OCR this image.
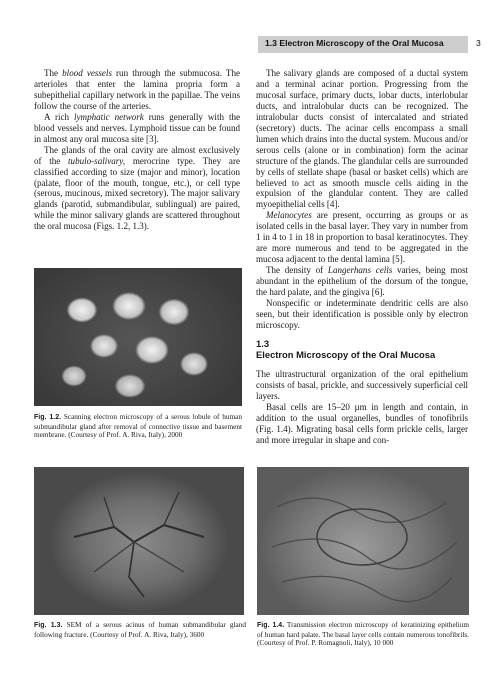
1.3 Electron Microscopy of the Oral Mucosa	3

The blood vessels run through the submucosa. The arterioles that enter the lamina propria form a subepithelial capillary network in the papillae. The veins follow the course of the arteries.

A rich lymphatic network runs generally with the blood vessels and nerves. Lymphoid tissue can be found in almost any oral mucosa site [3].

The glands of the oral cavity are almost exclusively of the tubulo-salivary, merocrine type. They are classified according to size (major and minor), location (palate, floor of the mouth, tongue, etc.), or cell type (serous, mucinous, mixed secretory). The major salivary glands (parotid, submandibular, sublingual) are paired, while the minor salivary glands are scattered throughout the oral mucosa (Figs. 1.2, 1.3).

The salivary glands are composed of a ductal system and a terminal acinar portion. Progressing from the mucosal surface, primary ducts, lobar ducts, interlobular ducts, and intralobular ducts can be recognized. The intralobular ducts consist of intercalated and striated (secretory) ducts. The acinar cells encompass a small lumen which drains into the ductal system. Mucous and/or serous cells (alone or in combination) form the acinar structure of the glands. The glandular cells are surrounded by cells of stellate shape (basal or basket cells) which are believed to act as smooth muscle cells aiding in the expulsion of the glandular content. They are called myoepithelial cells [4].

Melanocytes are present, occurring as groups or as isolated cells in the basal layer. They vary in number from 1 in 4 to 1 in 18 in proportion to basal keratinocytes. They are more numerous and tend to be aggregated in the mucosa adjacent to the dental lamina [5].

The density of Langerhans cells varies, being most abundant in the epithelium of the dorsum of the tongue, the hard palate, and the gingiva [6].

Nonspecific or indeterminate dendritic cells are also seen, but their identification is possible only by electron microscopy.

1.3
Electron Microscopy of the Oral Mucosa

The ultrastructural organization of the oral epithelium consists of basal, prickle, and successively superficial cell layers.

Basal cells are 15–20 µm in length and contain, in addition to the usual organelles, bundles of tonofibrils (Fig. 1.4). Migrating basal cells form prickle cells, larger and more irregular in shape and con-

Fig. 1.2. Scanning electron microscopy of a serous lobule of human submandibular gland after removal of connective tissue and basement membrane. (Courtesy of Prof. A. Riva, Italy), 2000
Fig. 1.3. SEM of a serous acinus of human submandibular gland following fracture. (Courtesy of Prof. A. Riva, Italy), 3600
Fig. 1.4. Transmission electron microscopy of keratinizing epithelium of human hard palate. The basal layer cells contain numerous tonofibrils. (Courtesy of Prof. P. Romagnoli, Italy), 10 000
